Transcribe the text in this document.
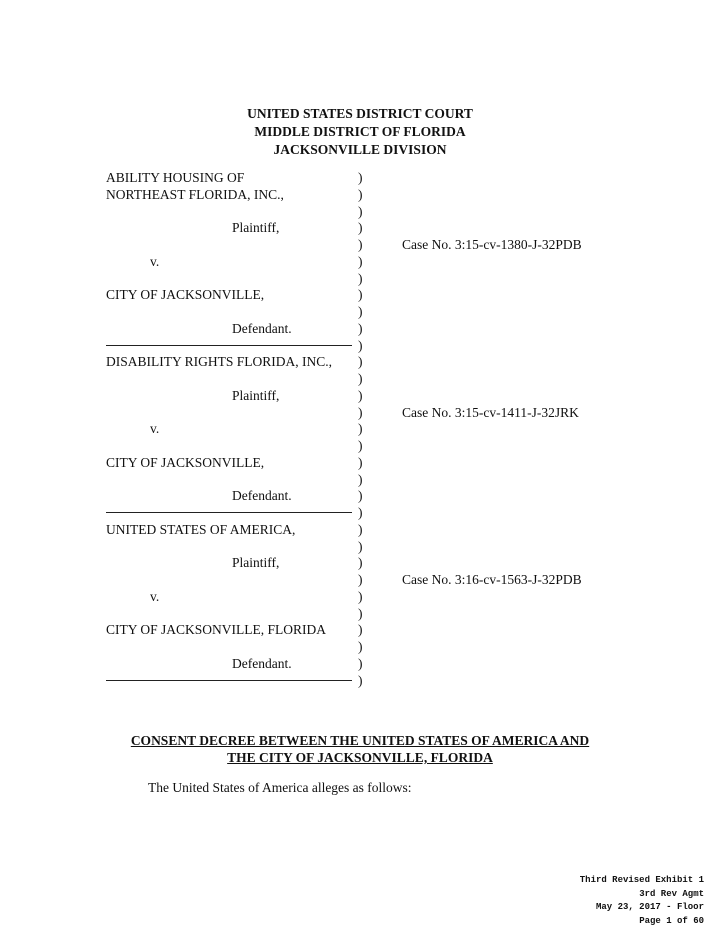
UNITED STATES DISTRICT COURT
MIDDLE DISTRICT OF FLORIDA
JACKSONVILLE DIVISION
ABILITY HOUSING OF	)
NORTHEAST FLORIDA, INC.,	)
)
Plaintiff,	)
)	Case No. 3:15-cv-1380-J-32PDB
v.	)
)
CITY OF JACKSONVILLE,	)
)
Defendant.	)
)
DISABILITY RIGHTS FLORIDA, INC., )
)
Plaintiff,	)
)	Case No. 3:15-cv-1411-J-32JRK
v.	)
)
CITY OF JACKSONVILLE,	)
)
Defendant.	)
)
UNITED STATES OF AMERICA,	)
)
Plaintiff,	)
)	Case No. 3:16-cv-1563-J-32PDB
v.	)
)
CITY OF JACKSONVILLE, FLORIDA )
)
Defendant.	)
)
CONSENT DECREE BETWEEN THE UNITED STATES OF AMERICA AND
THE CITY OF JACKSONVILLE, FLORIDA
The United States of America alleges as follows:
Third Revised Exhibit 1
3rd Rev Agmt
May 23, 2017 - Floor
Page 1 of 60
